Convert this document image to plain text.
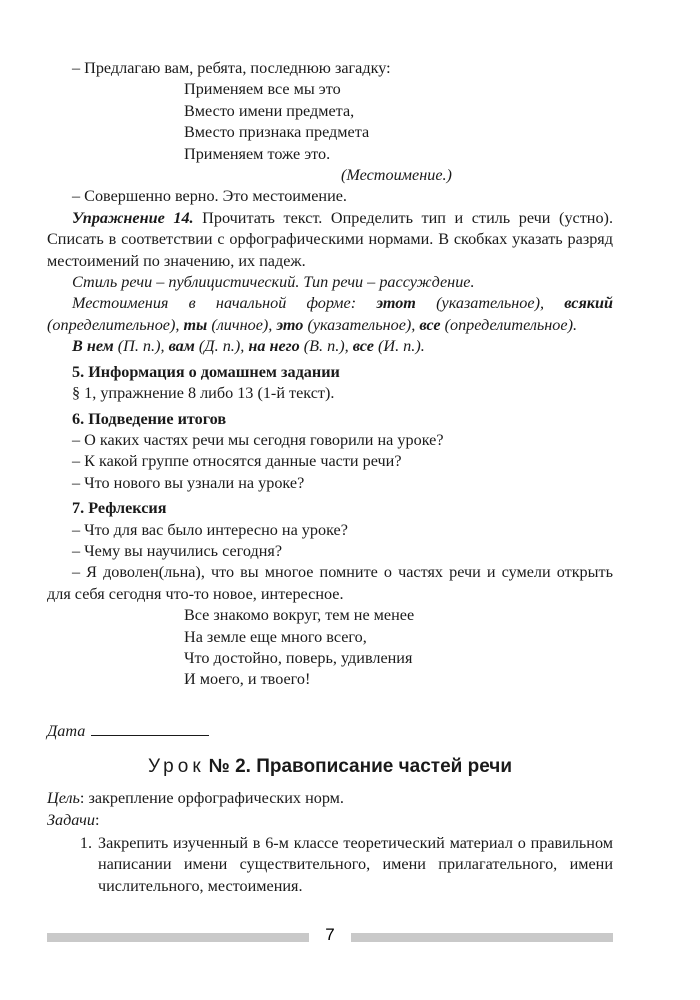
– Предлагаю вам, ребята, последнюю загадку:
Применяем все мы это
Вместо имени предмета,
Вместо признака предмета
Применяем тоже это.
(Местоимение.)
– Совершенно верно. Это местоимение.
Упражнение 14. Прочитать текст. Определить тип и стиль речи (устно). Списать в соответствии с орфографическими нормами. В скобках указать разряд местоимений по значению, их падеж.
Стиль речи – публицистический. Тип речи – рассуждение.
Местоимения в начальной форме: этот (указательное), всякий (определительное), ты (личное), это (указательное), все (определительное).
В нем (П. п.), вам (Д. п.), на него (В. п.), все (И. п.).
5. Информация о домашнем задании
§ 1, упражнение 8 либо 13 (1-й текст).
6. Подведение итогов
– О каких частях речи мы сегодня говорили на уроке?
– К какой группе относятся данные части речи?
– Что нового вы узнали на уроке?
7. Рефлексия
– Что для вас было интересно на уроке?
– Чему вы научились сегодня?
– Я доволен(льна), что вы многое помните о частях речи и сумели открыть для себя сегодня что-то новое, интересное.
Все знакомо вокруг, тем не менее
На земле еще много всего,
Что достойно, поверь, удивления
И моего, и твоего!
Дата
Урок № 2. Правописание частей речи
Цель: закрепление орфографических норм.
Задачи:
1. Закрепить изученный в 6-м классе теоретический материал о правильном написании имени существительного, имени прилагательного, имени числительного, местоимения.
7
